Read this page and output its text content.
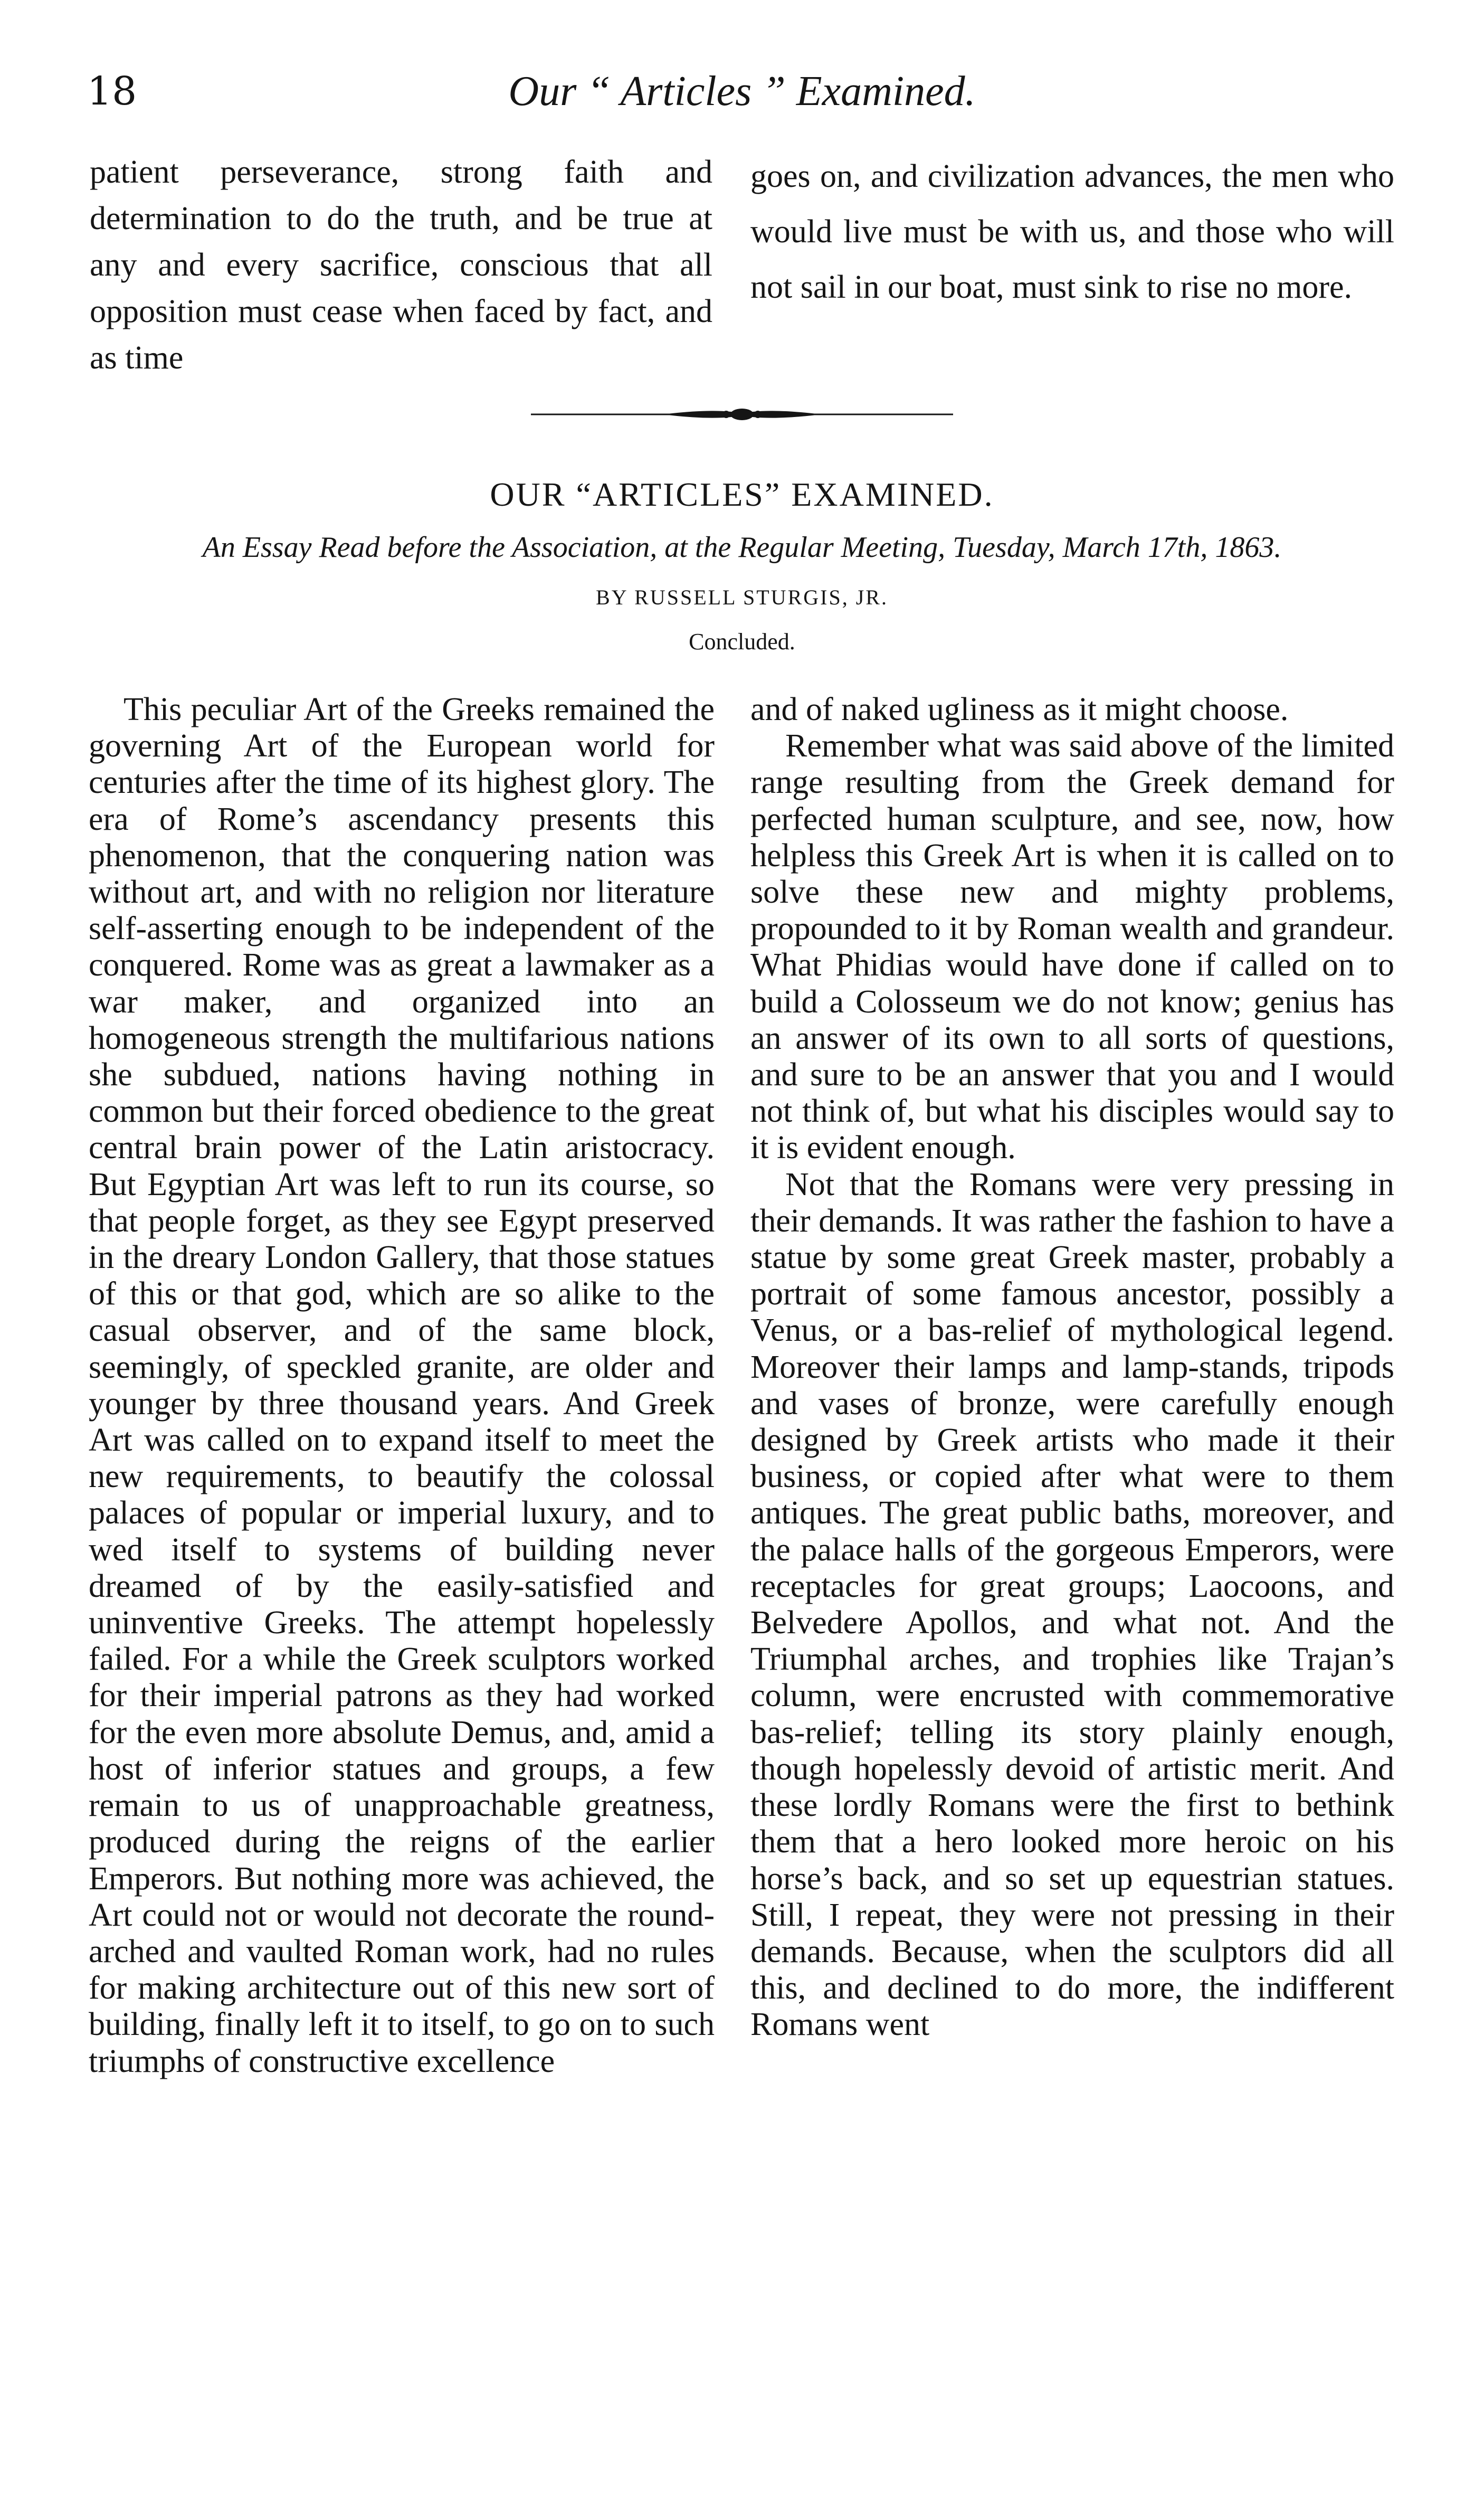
18	Our “ Articles ” Examined.

patient perseverance, strong faith and determination to do the truth, and be true at any and every sacrifice, conscious that all opposition must cease when faced by fact, and as time

goes on, and civilization advances, the men who would live must be with us, and those who will not sail in our boat, must sink to rise no more.

OUR “ARTICLES” EXAMINED.
An Essay Read before the Association, at the Regular Meeting, Tuesday, March 17th, 1863.
BY RUSSELL STURGIS, JR.
Concluded.

This peculiar Art of the Greeks remained the governing Art of the European world for centuries after the time of its highest glory. The era of Rome’s ascendancy presents this phenomenon, that the conquering nation was without art, and with no religion nor literature self-asserting enough to be independent of the conquered. Rome was as great a lawmaker as a war maker, and organized into an homogeneous strength the multifarious nations she subdued, nations having nothing in common but their forced obedience to the great central brain power of the Latin aristocracy. But Egyptian Art was left to run its course, so that people forget, as they see Egypt preserved in the dreary London Gallery, that those statues of this or that god, which are so alike to the casual observer, and of the same block, seemingly, of speckled granite, are older and younger by three thousand years. And Greek Art was called on to expand itself to meet the new requirements, to beautify the colossal palaces of popular or imperial luxury, and to wed itself to systems of building never dreamed of by the easily-satisfied and uninventive Greeks. The attempt hopelessly failed. For a while the Greek sculptors worked for their imperial patrons as they had worked for the even more absolute Demus, and, amid a host of inferior statues and groups, a few remain to us of unapproachable greatness, produced during the reigns of the earlier Emperors. But nothing more was achieved, the Art could not or would not decorate the round-arched and vaulted Roman work, had no rules for making architecture out of this new sort of building, finally left it to itself, to go on to such triumphs of constructive excellence

and of naked ugliness as it might choose.

Remember what was said above of the limited range resulting from the Greek demand for perfected human sculpture, and see, now, how helpless this Greek Art is when it is called on to solve these new and mighty problems, propounded to it by Roman wealth and grandeur. What Phidias would have done if called on to build a Colosseum we do not know; genius has an answer of its own to all sorts of questions, and sure to be an answer that you and I would not think of, but what his disciples would say to it is evident enough.

Not that the Romans were very pressing in their demands. It was rather the fashion to have a statue by some great Greek master, probably a portrait of some famous ancestor, possibly a Venus, or a bas-relief of mythological legend. Moreover their lamps and lamp-stands, tripods and vases of bronze, were carefully enough designed by Greek artists who made it their business, or copied after what were to them antiques. The great public baths, moreover, and the palace halls of the gorgeous Emperors, were receptacles for great groups; Laocoons, and Belvedere Apollos, and what not. And the Triumphal arches, and trophies like Trajan’s column, were encrusted with commemorative bas-relief; telling its story plainly enough, though hopelessly devoid of artistic merit. And these lordly Romans were the first to bethink them that a hero looked more heroic on his horse’s back, and so set up equestrian statues. Still, I repeat, they were not pressing in their demands. Because, when the sculptors did all this, and declined to do more, the indifferent Romans went
